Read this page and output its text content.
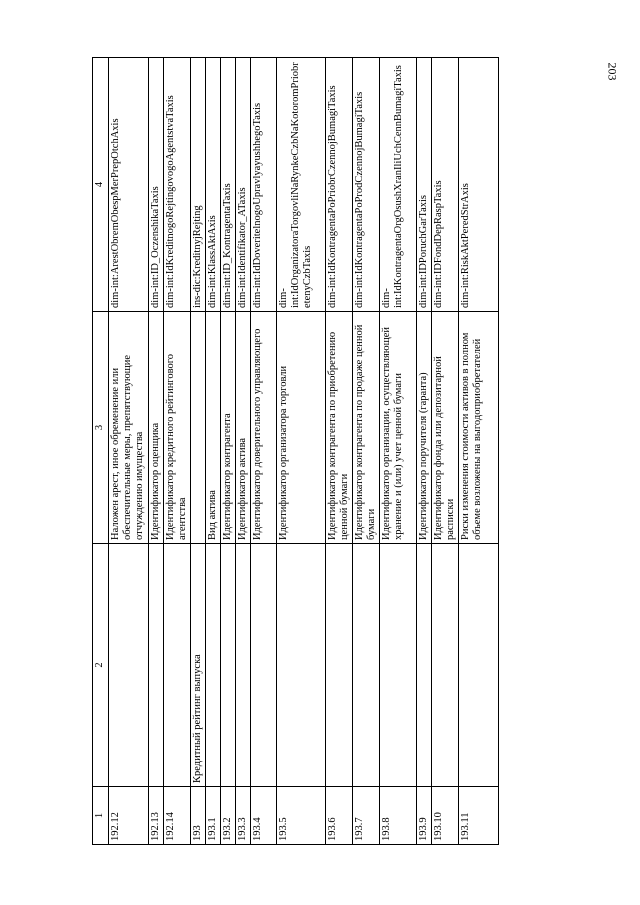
203
1	2	3	4
192.12		Наложен арест, иное обременение или обеспечительные меры, препятствующие отчуждению имущества	dim-int:ArestObremObespMerPrepOtchAxis
192.13		Идентификатор оценщика	dim-int:ID_OczenshikaTaxis
192.14		Идентификатор кредитного рейтингового агентства	dim-int:IdKreditnogoRejtingovogoAgentstvaTaxis
193	Кредитный рейтинг выпуска		ins-dic:KreditnyjRejting
193.1		Вид актива	dim-int:KlassAktAxis
193.2		Идентификатор контрагента	dim-int:ID_KontragentaTaxis
193.3		Идентификатор актива	dim-int:Identifikator_ATaxis
193.4		Идентификатор доверительного управляющего	dim-int:IdDoveritelnogoUpravlyayushhegoTaxis
193.5		Идентификатор организатора торговли	dim-int:IdOrganizatoraTorgovliNaRynkeCzbNaKotoromPriobretenyCzbTaxis
193.6		Идентификатор контрагента по приобретению ценной бумаги	dim-int:IdKontragentaPoPriobrCzennojBumagiTaxis
193.7		Идентификатор контрагента по продаже ценной бумаги	dim-int:IdKontragentaPoProdCzennojBumagiTaxis
193.8		Идентификатор организации, осуществляющей хранение и (или) учет ценной бумаги	dim-int:IdKontragentaOrgOsushXranIliUchCennBumagiTaxis
193.9		Идентификатор поручителя (гаранта)	dim-int:IDPoruchGarTaxis
193.10		Идентификатор фонда или депозитарной расписки	dim-int:IDFondDepRaspTaxis
193.11		Риски изменения стоимости активов в полном объеме возложены на выгодоприобретателей	dim-int:RiskAktPeredStrAxis
